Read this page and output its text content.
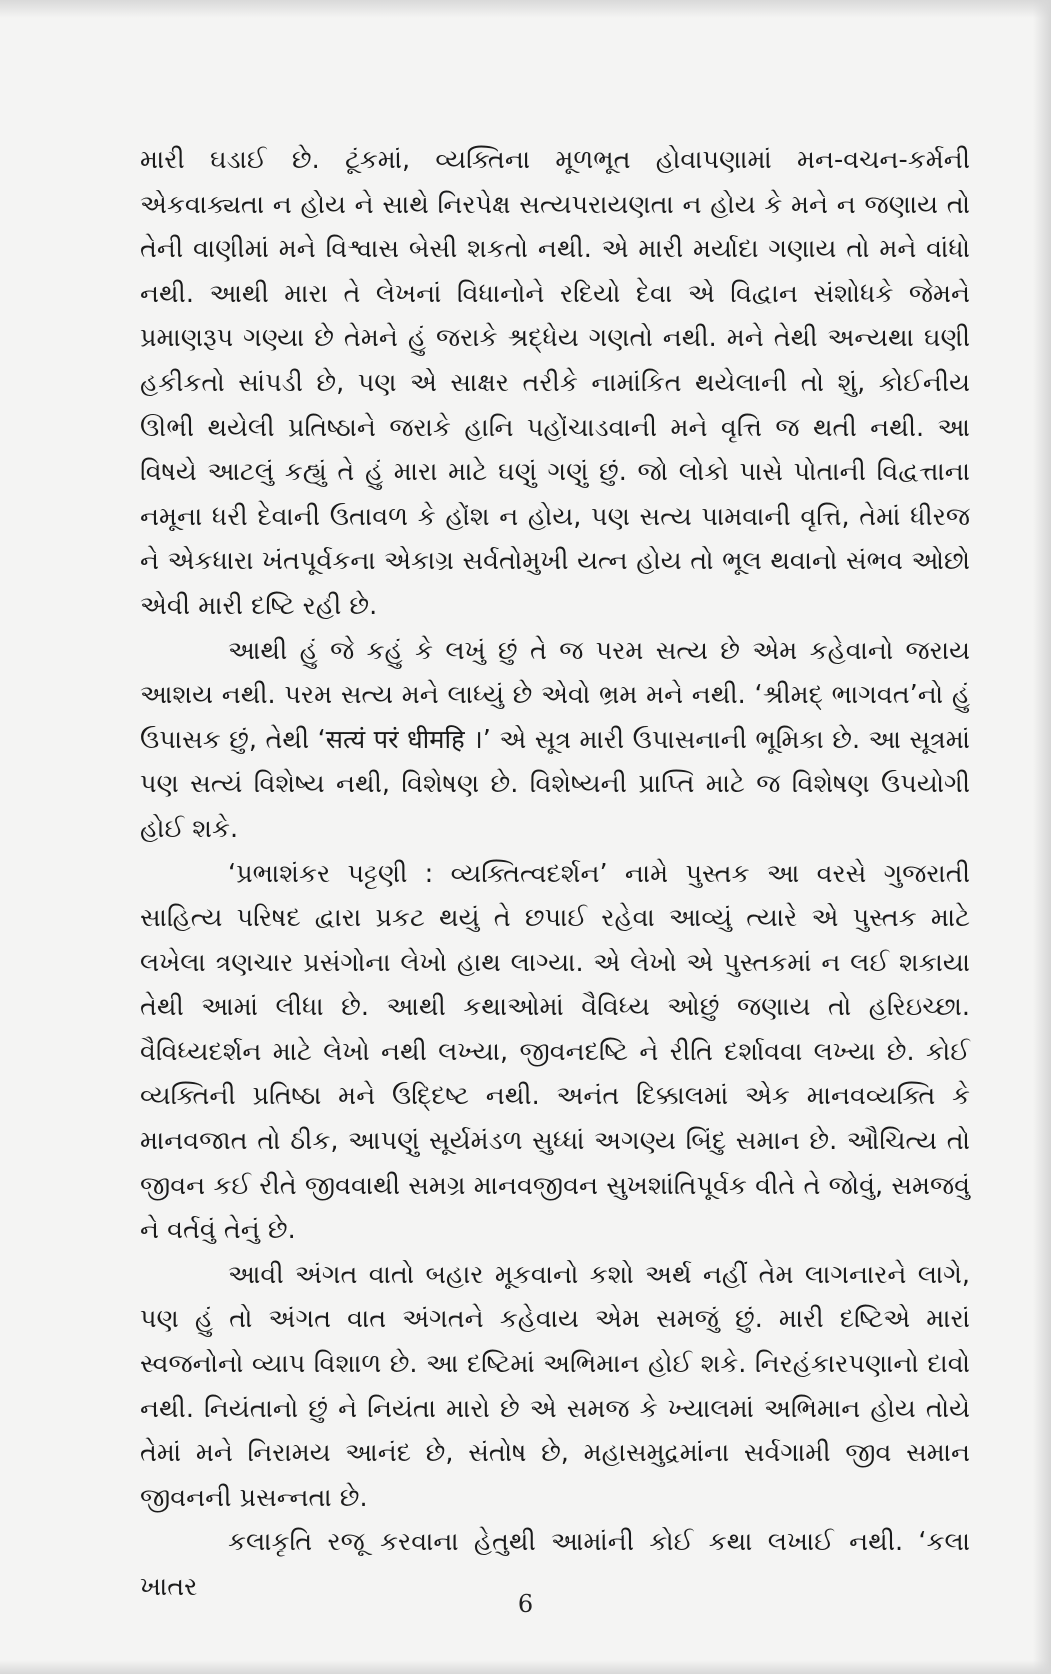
મારી ઘડાઈ છે. ટૂંકમાં, વ્યક્તિના મૂળભૂત હોવાપણામાં મન-વચન-કર્મની એકવાક્યતા ન હોય ને સાથે નિરપેક્ષ સત્યપરાયણતા ન હોય કે મને ન જણાય તો તેની વાણીમાં મને વિશ્વાસ બેસી શકતો નથી. એ મારી મર્યાદા ગણાય તો મને વાંધો નથી. આથી મારા તે લેખનાં વિધાનોને રદિયો દેવા એ વિદ્વાન સંશોધકે જેમને પ્રમાણરૂપ ગણ્યા છે તેમને હું જરાકે શ્રદ્ધેય ગણતો નથી. મને તેથી અન્યથા ઘણી હકીકતો સાંપડી છે, પણ એ સાક્ષર તરીકે નામાંકિત થયેલાની તો શું, કોઈનીય ઊભી થયેલી પ્રતિષ્ઠાને જરાકે હાનિ પહોંચાડવાની મને વૃત્તિ જ થતી નથી. આ વિષયે આટલું કહ્યું તે હું મારા માટે ઘણું ગણું છું. જો લોકો પાસે પોતાની વિદ્વત્તાના નમૂના ધરી દેવાની ઉતાવળ કે હોંશ ન હોય, પણ સત્ય પામવાની વૃત્તિ, તેમાં ધીરજ ને એકધારા ખંતપૂર્વકના એકાગ્ર સર્વતોમુખી યત્ન હોય તો ભૂલ થવાનો સંભવ ઓછો એવી મારી દષ્ટિ રહી છે.

આથી હું જે કહું કે લખું છું તે જ પરમ સત્ય છે એમ કહેવાનો જરાય આશય નથી. પરમ સત્ય મને લાધ્યું છે એવો ભ્રમ મને નથી. ‘શ્રીમદ્ ભાગવત’નો હું ઉપાસક છું, તેથી ‘सत्यं परं धीमहि ।’ એ સૂત્ર મારી ઉપાસનાની ભૂમિકા છે. આ સૂત્રમાં પણ સત્યં વિશેષ્ય નથી, વિશેષણ છે. વિશેષ્યની પ્રાપ્તિ માટે જ વિશેષણ ઉપયોગી હોઈ શકે.

‘પ્રભાશંકર પટ્ટણી : વ્યક્તિત્વદર્શન’ નામે પુસ્તક આ વરસે ગુજરાતી સાહિત્ય પરિષદ દ્વારા પ્રકટ થયું તે છપાઈ રહેવા આવ્યું ત્યારે એ પુસ્તક માટે લખેલા ત્રણચાર પ્રસંગોના લેખો હાથ લાગ્યા. એ લેખો એ પુસ્તકમાં ન લઈ શકાયા તેથી આમાં લીધા છે. આથી કથાઓમાં વૈવિધ્ય ઓછું જણાય તો હરિઇચ્છા. વૈવિધ્યદર્શન માટે લેખો નથી લખ્યા, જીવનદષ્ટિ ને રીતિ દર્શાવવા લખ્યા છે. કોઈ વ્યક્તિની પ્રતિષ્ઠા મને ઉદ્દિષ્ટ નથી. અનંત દિક્કાલમાં એક માનવવ્યક્તિ કે માનવજાત તો ઠીક, આપણું સૂર્યમંડળ સુધ્ધાં અગણ્ય બિંદુ સમાન છે. ઔચિત્ય તો જીવન કઈ રીતે જીવવાથી સમગ્ર માનવજીવન સુખશાંતિપૂર્વક વીતે તે જોવું, સમજવું ને વર્તવું તેનું છે.

આવી અંગત વાતો બહાર મૂકવાનો કશો અર્થ નહીં તેમ લાગનારને લાગે, પણ હું તો અંગત વાત અંગતને કહેવાય એમ સમજું છું. મારી દષ્ટિએ મારાં સ્વજનોનો વ્યાપ વિશાળ છે. આ દષ્ટિમાં અભિમાન હોઈ શકે. નિરહંકારપણાનો દાવો નથી. નિયંતાનો છું ને નિયંતા મારો છે એ સમજ કે ખ્યાલમાં અભિમાન હોય તોયે તેમાં મને નિરામય આનંદ છે, સંતોષ છે, મહાસમુદ્રમાંના સર્વગામી જીવ સમાન જીવનની પ્રસન્નતા છે.

કલાકૃતિ રજૂ કરવાના હેતુથી આમાંની કોઈ કથા લખાઈ નથી. ‘કલા ખાતર

6
